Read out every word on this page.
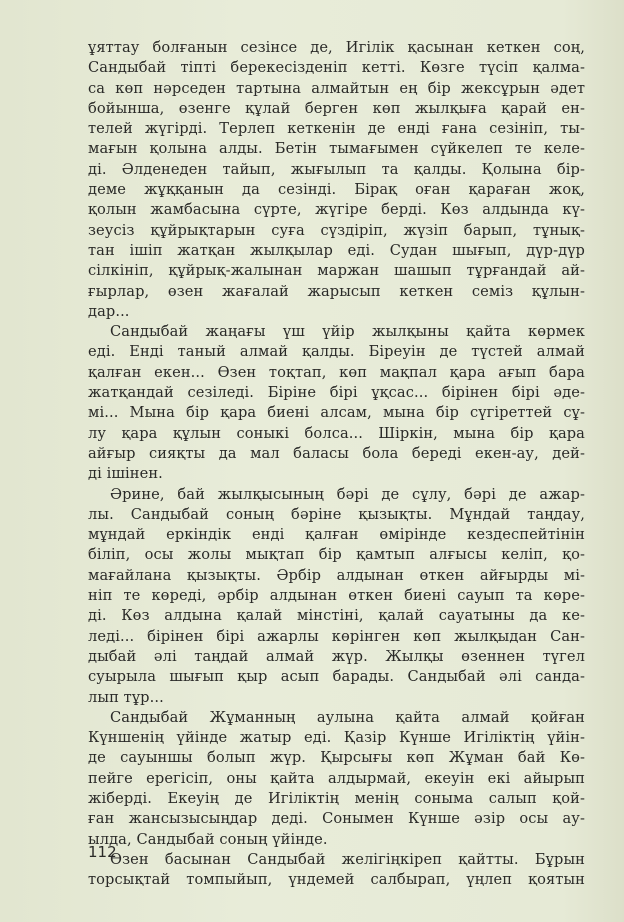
ұяттау болғанын сезінсе де, Игілік қасынан кеткен соң,
Сандыбай тіпті берекесізденіп кетті. Көзге түсіп қалма-
са көп нәрседен тартына алмайтын ең бір жексұрын әдет
бойынша, өзенге құлай берген көп жылқыға қарай ен-
телей жүгірді. Терлеп кеткенін де енді ғана сезініп, ты-
мағын қолына алды. Бетін тымағымен сүйкелеп те келе-
ді. Әлденеден тайып, жығылып та қалды. Қолына бір-
деме жұққанын да сезінді. Бірақ оған қараған жоқ,
қолын жамбасына сүрте, жүгіре берді. Көз алдында кү-
зеусіз құйрықтарын суға сүздіріп, жүзіп барып, тұнық-
тан ішіп жатқан жылқылар еді. Судан шығып, дүр-дүр
сілкініп, құйрық-жалынан маржан шашып тұрғандай ай-
ғырлар, өзен жағалай жарысып кеткен семіз құлын-
дар...
Сандыбай жаңағы үш үйір жылқыны қайта көрмек
еді. Енді таный алмай қалды. Біреуін де түстей алмай
қалған екен... Өзен тоқтап, көп мақпал қара ағып бара
жатқандай сезіледі. Біріне бірі ұқсас... бірінен бірі әде-
мі... Мына бір қара биені алсам, мына бір сүгіреттей сұ-
лу қара құлын соныкі болса... Шіркін, мына бір қара
айғыр сияқты да мал баласы бола береді екен-ау, дей-
ді ішінен.
Әрине, бай жылқысының бәрі де сұлу, бәрі де ажар-
лы. Сандыбай соның бәріне қызықты. Мұндай таңдау,
мұндай еркіндік енді қалған өмірінде кездеспейтінін
біліп, осы жолы мықтап бір қамтып алғысы келіп, қо-
мағайлана қызықты. Әрбір алдынан өткен айғырды мі-
ніп те көреді, әрбір алдынан өткен биені сауып та көре-
ді. Көз алдына қалай мінстіні, қалай сауатыны да ке-
леді... бірінен бірі ажарлы көрінген көп жылқыдан Сан-
дыбай әлі таңдай алмай жүр. Жылқы өзеннен түгел
суырыла шығып қыр асып барады. Сандыбай әлі санда-
лып тұр...
Сандыбай Жұманның аулына қайта алмай қойған
Күншенің үйінде жатыр еді. Қазір Күнше Игіліктің үйін-
де сауыншы болып жүр. Қырсығы көп Жұман бай Кө-
пейге ерегісіп, оны қайта алдырмай, екеуін екі айырып
жіберді. Екеуің де Игіліктің менің соныма салып қой-
ған жансызысыңдар деді. Сонымен Күнше әзір осы ау-
ылда, Сандыбай соның үйінде.
Өзен басынан Сандыбай желігіңкіреп қайтты. Бұрын
торсықтай томпыйып, үндемей салбырап, үңлеп қоятын
112
